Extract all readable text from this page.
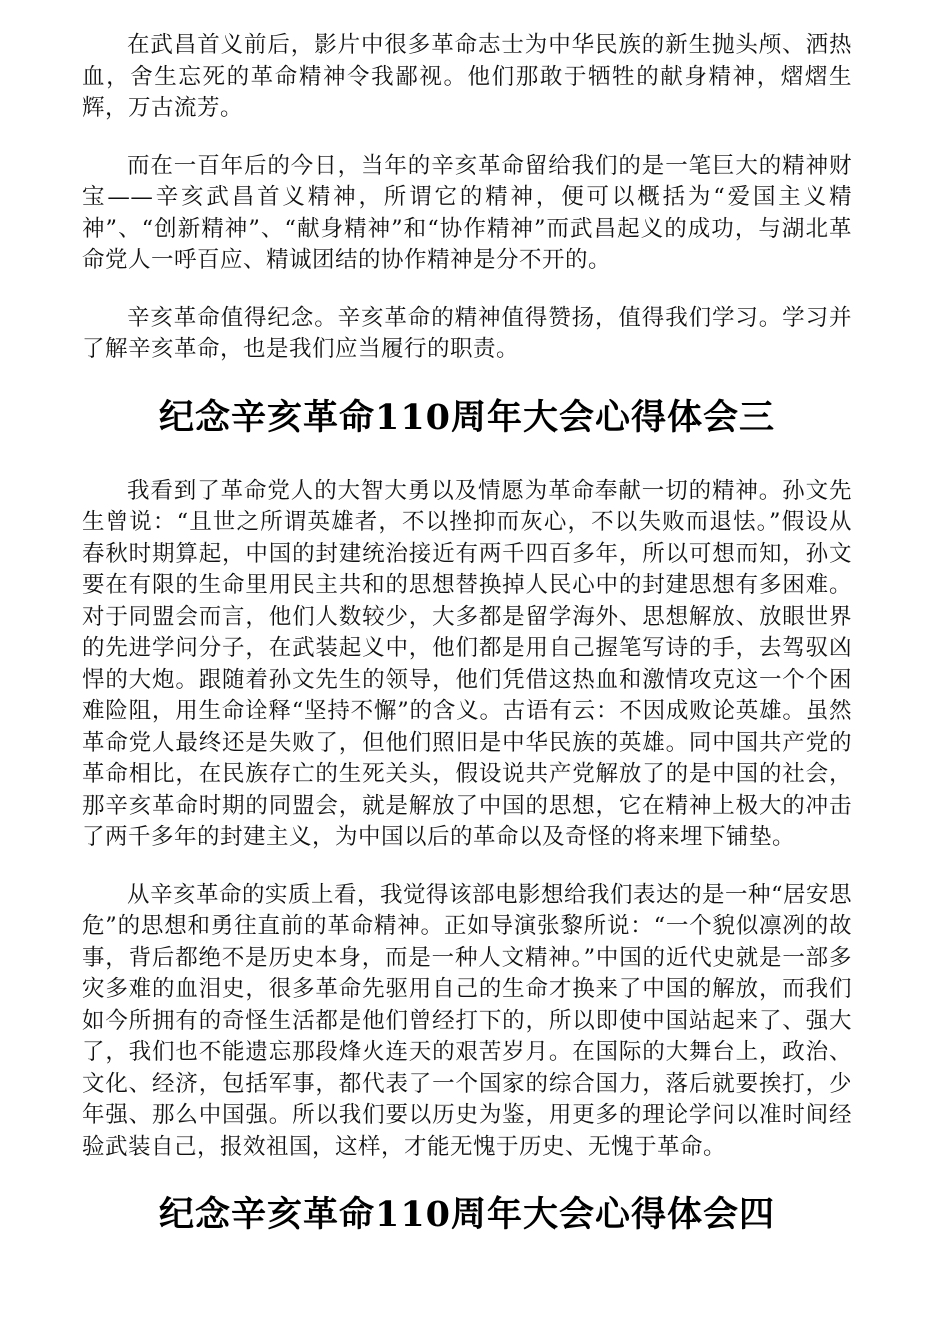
在武昌首义前后，影片中很多革命志士为中华民族的新生抛头颅、洒热血，舍生忘死的革命精神令我鄙视。他们那敢于牺牲的献身精神，熠熠生辉，万古流芳。

而在一百年后的今日，当年的辛亥革命留给我们的是一笔巨大的精神财宝——辛亥武昌首义精神，所谓它的精神，便可以概括为“爱国主义精神”、“创新精神”、“献身精神”和“协作精神”而武昌起义的成功，与湖北革命党人一呼百应、精诚团结的协作精神是分不开的。

辛亥革命值得纪念。辛亥革命的精神值得赞扬，值得我们学习。学习并了解辛亥革命，也是我们应当履行的职责。

纪念辛亥革命110周年大会心得体会三

我看到了革命党人的大智大勇以及情愿为革命奉献一切的精神。孙文先生曾说：“且世之所谓英雄者，不以挫抑而灰心，不以失败而退怯。”假设从春秋时期算起，中国的封建统治接近有两千四百多年，所以可想而知，孙文要在有限的生命里用民主共和的思想替换掉人民心中的封建思想有多困难。对于同盟会而言，他们人数较少，大多都是留学海外、思想解放、放眼世界的先进学问分子，在武装起义中，他们都是用自己握笔写诗的手，去驾驭凶悍的大炮。跟随着孙文先生的领导，他们凭借这热血和激情攻克这一个个困难险阻，用生命诠释“坚持不懈”的含义。古语有云：不因成败论英雄。虽然革命党人最终还是失败了，但他们照旧是中华民族的英雄。同中国共产党的革命相比，在民族存亡的生死关头，假设说共产党解放了的是中国的社会，那辛亥革命时期的同盟会，就是解放了中国的思想，它在精神上极大的冲击了两千多年的封建主义，为中国以后的革命以及奇怪的将来埋下铺垫。

从辛亥革命的实质上看，我觉得该部电影想给我们表达的是一种“居安思危”的思想和勇往直前的革命精神。正如导演张黎所说：“一个貌似凛冽的故事，背后都绝不是历史本身，而是一种人文精神。”中国的近代史就是一部多灾多难的血泪史，很多革命先驱用自己的生命才换来了中国的解放，而我们如今所拥有的奇怪生活都是他们曾经打下的，所以即使中国站起来了、强大了，我们也不能遗忘那段烽火连天的艰苦岁月。在国际的大舞台上，政治、文化、经济，包括军事，都代表了一个国家的综合国力，落后就要挨打，少年强、那么中国强。所以我们要以历史为鉴，用更多的理论学问以准时间经验武装自己，报效祖国，这样，才能无愧于历史、无愧于革命。

纪念辛亥革命110周年大会心得体会四
